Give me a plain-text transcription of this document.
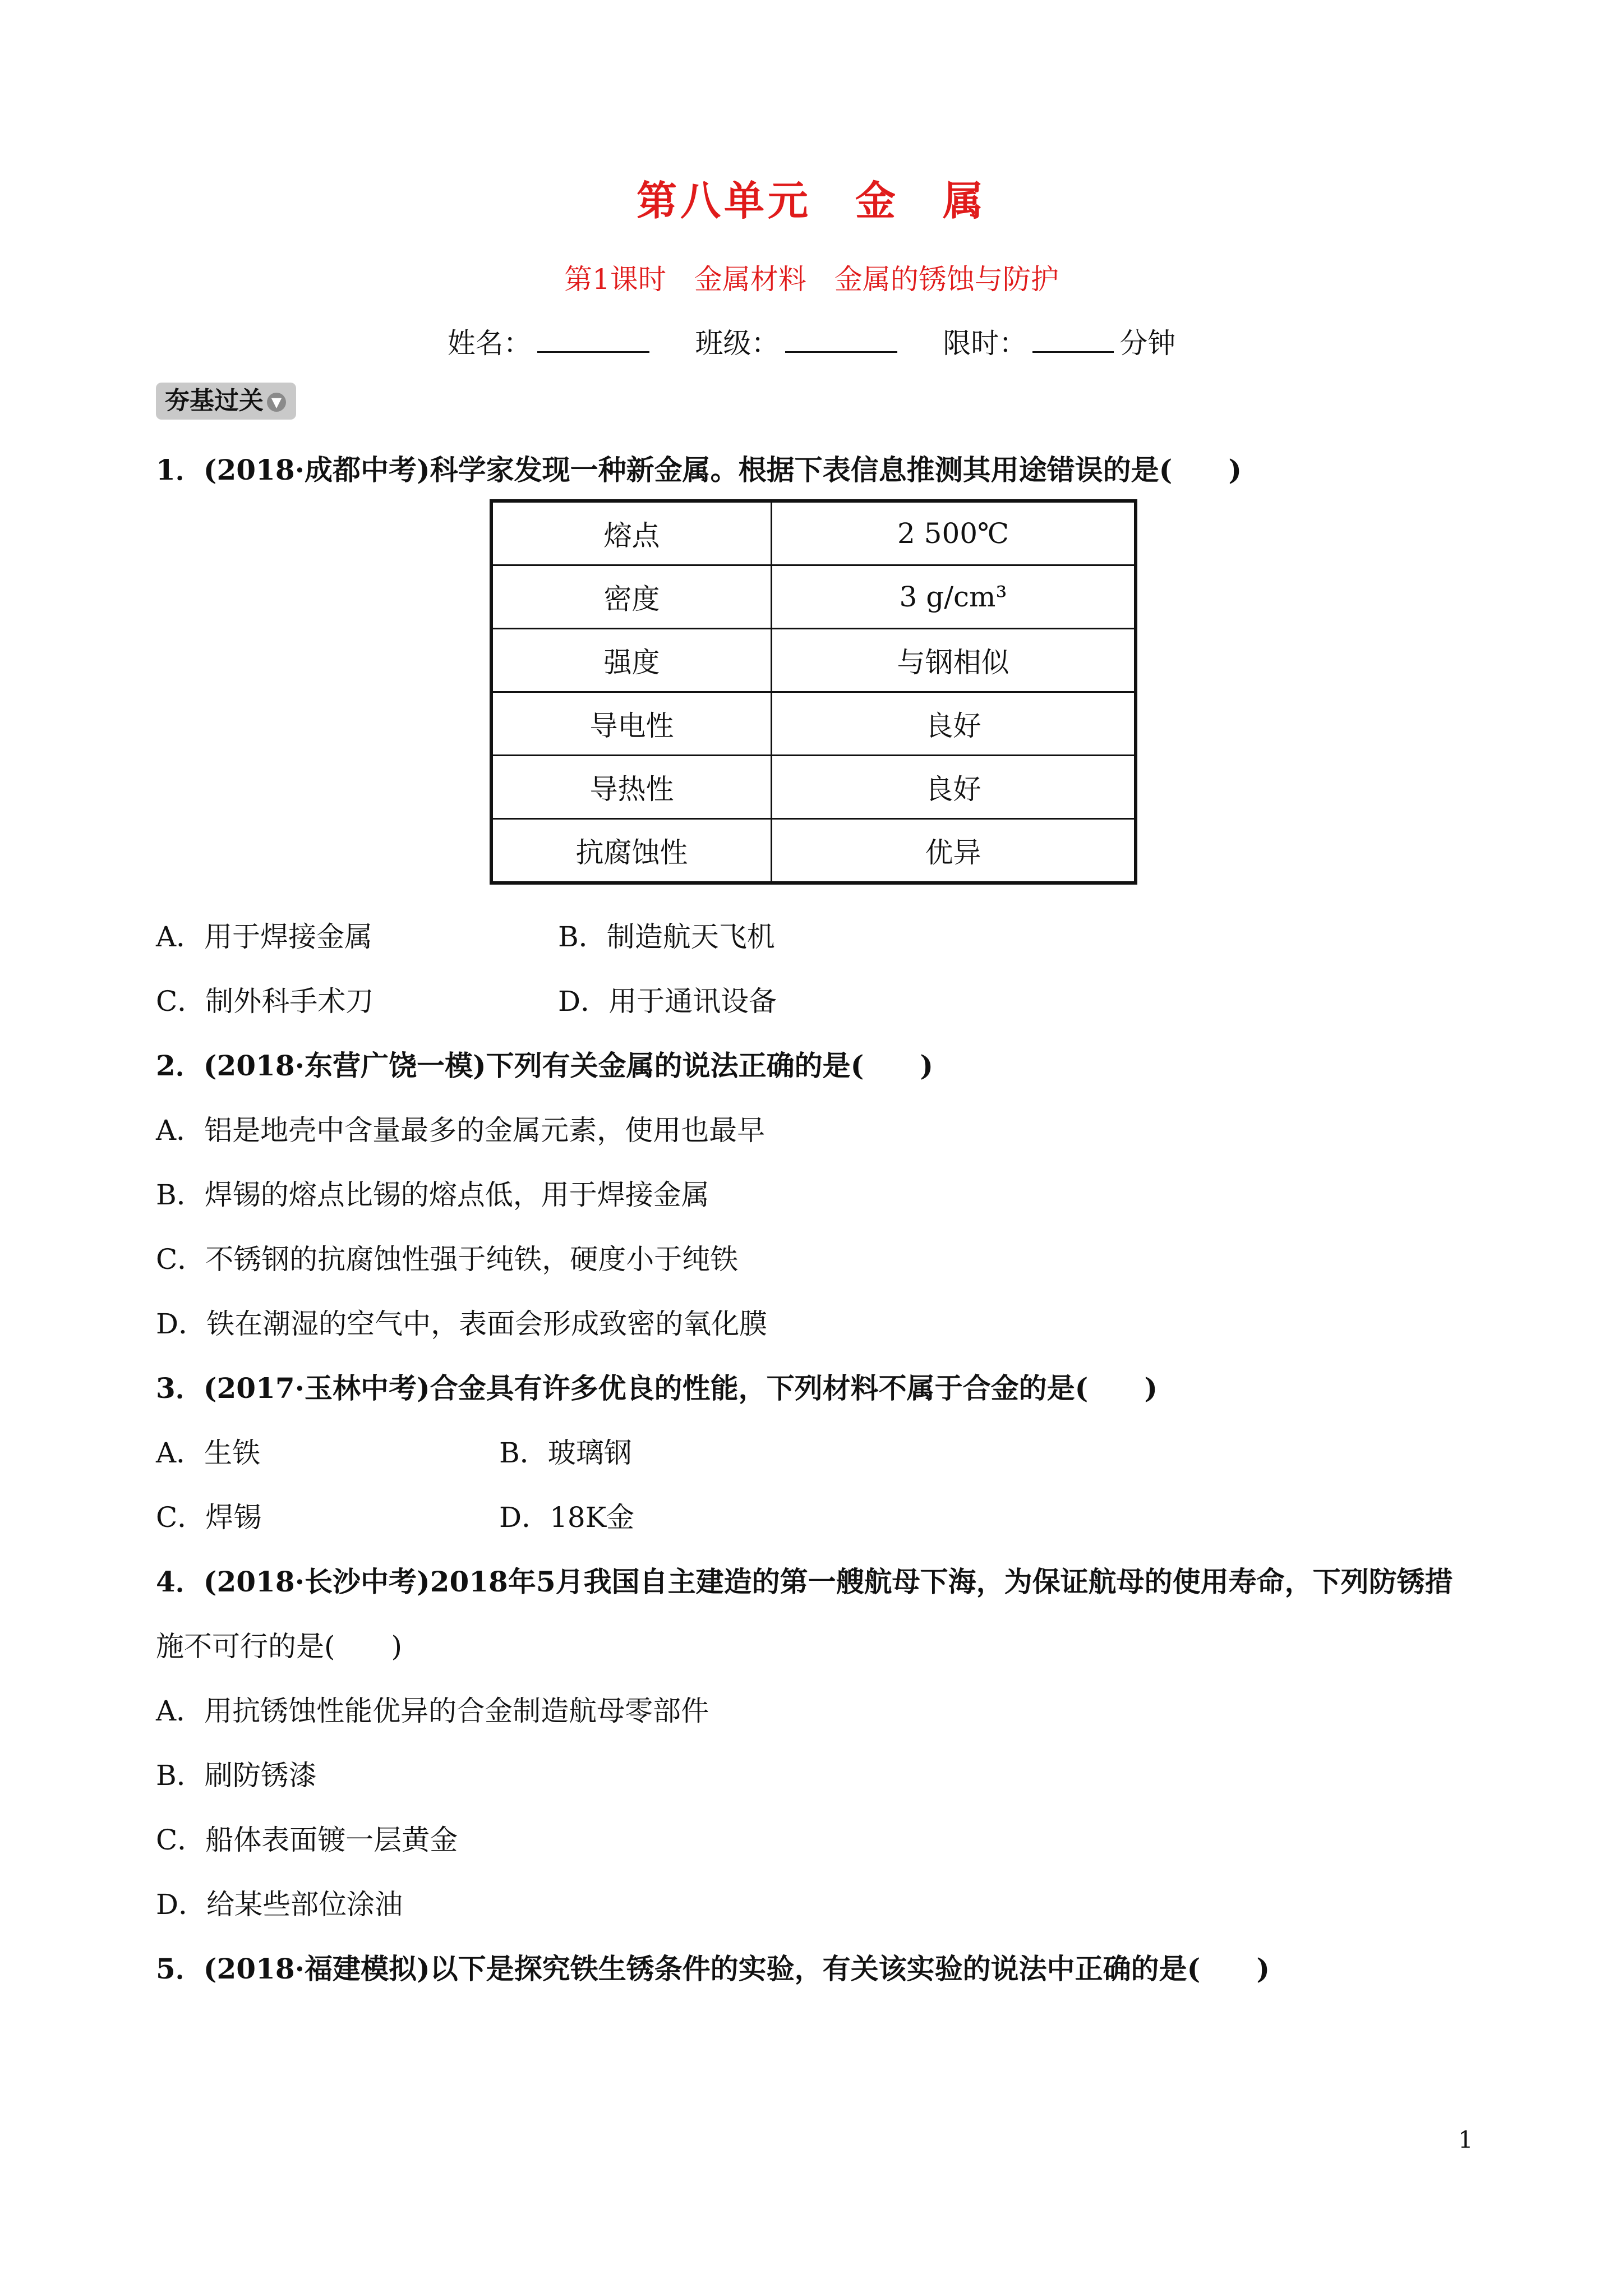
第八单元　金　属
第1课时　金属材料　金属的锈蚀与防护
姓名：	班级：	限时：	分钟
夯基过关 ▼
1．(2018·成都中考)科学家发现一种新金属。根据下表信息推测其用途错误的是(　　)
熔点	2 500℃
密度	3 g/cm³
强度	与钢相似
导电性	良好
导热性	良好
抗腐蚀性	优异
A．用于焊接金属	B．制造航天飞机
C．制外科手术刀	D．用于通讯设备
2．(2018·东营广饶一模)下列有关金属的说法正确的是(　　)
A．铝是地壳中含量最多的金属元素，使用也最早
B．焊锡的熔点比锡的熔点低，用于焊接金属
C．不锈钢的抗腐蚀性强于纯铁，硬度小于纯铁
D．铁在潮湿的空气中，表面会形成致密的氧化膜
3．(2017·玉林中考)合金具有许多优良的性能，下列材料不属于合金的是(　　)
A．生铁	B．玻璃钢
C．焊锡	D．18K金
4．(2018·长沙中考)2018年5月我国自主建造的第一艘航母下海，为保证航母的使用寿命，下列防锈措
施不可行的是(　　)
A．用抗锈蚀性能优异的合金制造航母零部件
B．刷防锈漆
C．船体表面镀一层黄金
D．给某些部位涂油
5．(2018·福建模拟)以下是探究铁生锈条件的实验，有关该实验的说法中正确的是(　　)
1
